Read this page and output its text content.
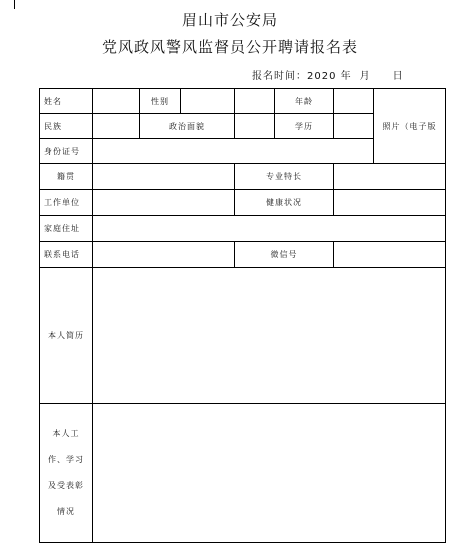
眉山市公安局
党风政风警风监督员公开聘请报名表
报名时间：2020 年 月 日
姓名		性别			年龄		照片（电子版
民族		政治面貌			学历		
身份证号							
籍贯				专业特长			
工作单位				健康状况			
家庭住址							
联系电话				微信号			
本人简历							

本人工
作、学习
及受表彰
情况							
